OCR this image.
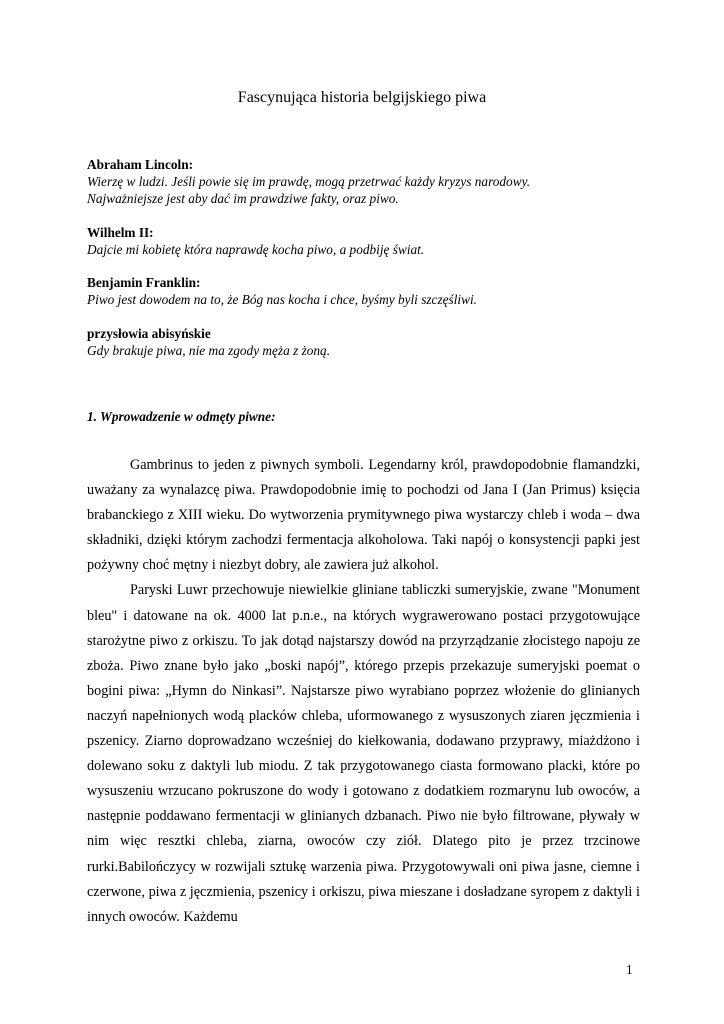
Fascynująca historia belgijskiego piwa
Abraham Lincoln:
Wierzę w ludzi. Jeśli powie się im prawdę, mogą przetrwać każdy kryzys narodowy.
Najważniejsze jest aby dać im prawdziwe fakty, oraz piwo.
Wilhelm II:
Dajcie mi kobietę która naprawdę kocha piwo, a podbiję świat.
Benjamin Franklin:
Piwo jest dowodem na to, że Bóg nas kocha i chce, byśmy byli szczęśliwi.
przysłowia abisyńskie
Gdy brakuje piwa, nie ma zgody męża z żoną.
1. Wprowadzenie w odmęty piwne:

Gambrinus to jeden z piwnych symboli. Legendarny król, prawdopodobnie flamandzki, uważany za wynalazcę piwa. Prawdopodobnie imię to pochodzi od Jana I (Jan Primus) księcia brabanckiego z XIII wieku. Do wytworzenia prymitywnego piwa wystarczy chleb i woda – dwa składniki, dzięki którym zachodzi fermentacja alkoholowa. Taki napój o konsystencji papki jest pożywny choć mętny i niezbyt dobry, ale zawiera już alkohol.

Paryski Luwr przechowuje niewielkie gliniane tabliczki sumeryjskie, zwane "Monument bleu" i datowane na ok. 4000 lat p.n.e., na których wygrawerowano postaci przygotowujące starożytne piwo z orkiszu. To jak dotąd najstarszy dowód na przyrządzanie złocistego napoju ze zboża. Piwo znane było jako „boski napój”, którego przepis przekazuje sumeryjski poemat o bogini piwa: „Hymn do Ninkasi”. Najstarsze piwo wyrabiano poprzez włożenie do glinianych naczyń napełnionych wodą placków chleba, uformowanego z wysuszonych ziaren jęczmienia i pszenicy. Ziarno doprowadzano wcześniej do kiełkowania, dodawano przyprawy, miażdżono i dolewano soku z daktyli lub miodu. Z tak przygotowanego ciasta formowano placki, które po wysuszeniu wrzucano pokruszone do wody i gotowano z dodatkiem rozmarynu lub owoców, a następnie poddawano fermentacji w glinianych dzbanach. Piwo nie było filtrowane, pływały w nim więc resztki chleba, ziarna, owoców czy ziół. Dlatego pito je przez trzcinowe rurki.Babilończycy w rozwijali sztukę warzenia piwa. Przygotowywali oni piwa jasne, ciemne i czerwone, piwa z jęczmienia, pszenicy i orkiszu, piwa mieszane i dosładzane syropem z daktyli i innych owoców. Każdemu

1
